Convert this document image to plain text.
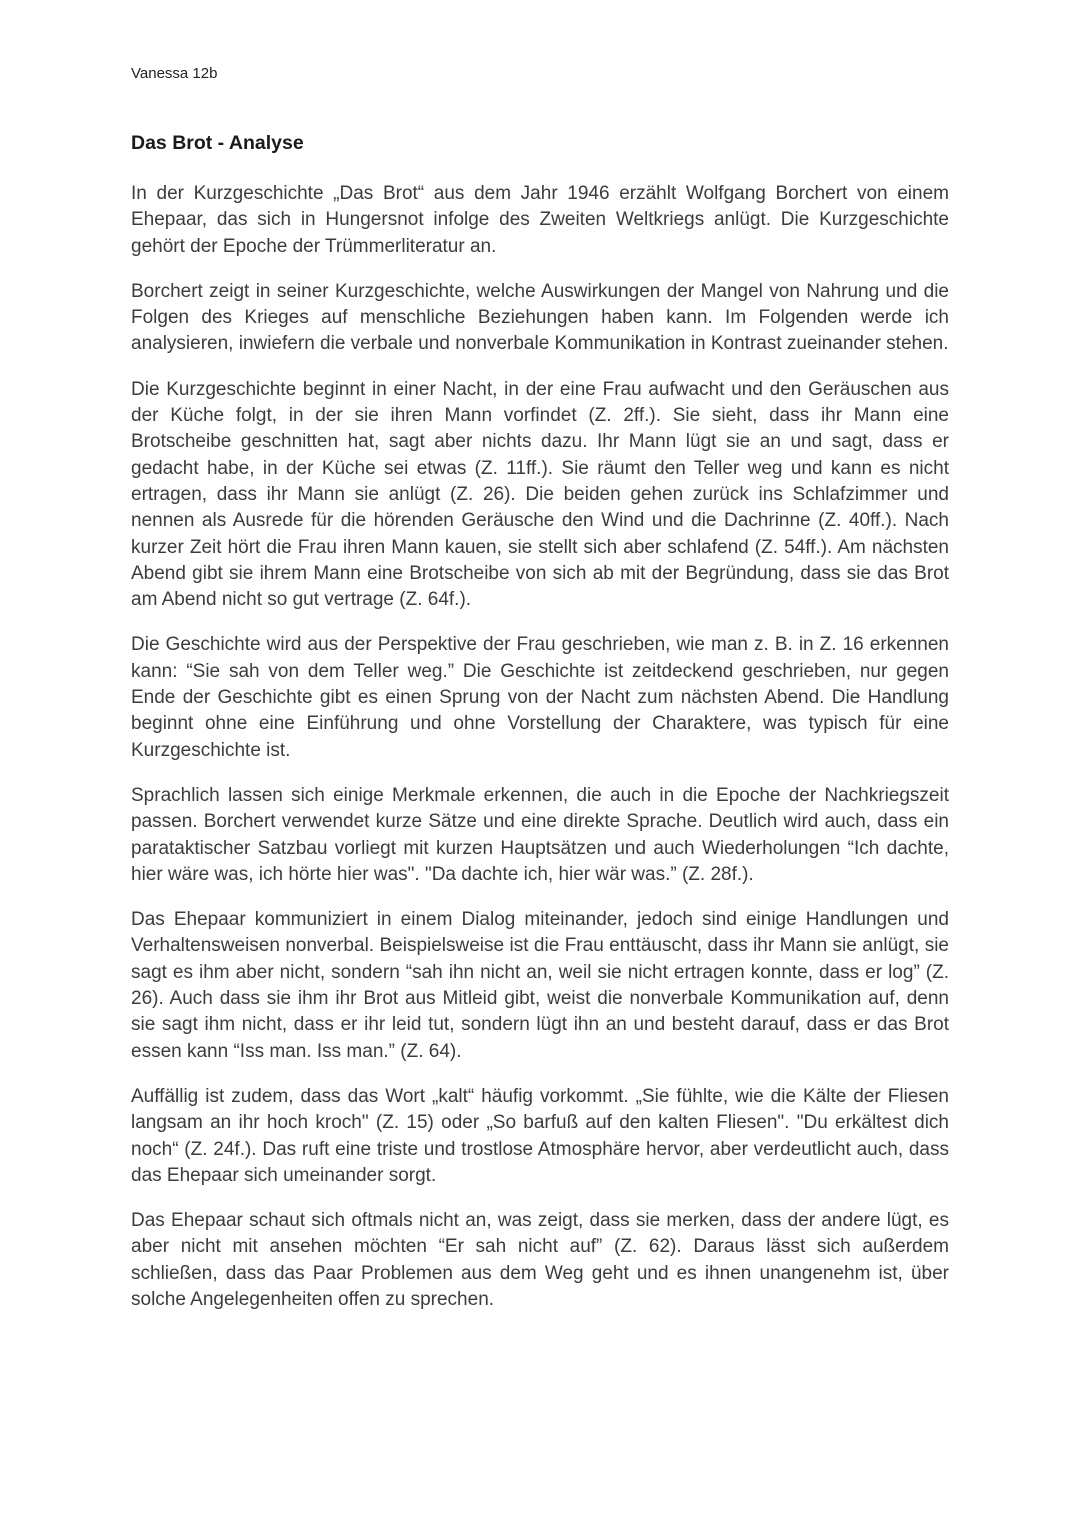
Vanessa 12b

Das Brot - Analyse

In der Kurzgeschichte „Das Brot“ aus dem Jahr 1946 erzählt Wolfgang Borchert von einem Ehepaar, das sich in Hungersnot infolge des Zweiten Weltkriegs anlügt. Die Kurzgeschichte gehört der Epoche der Trümmerliteratur an.

Borchert zeigt in seiner Kurzgeschichte, welche Auswirkungen der Mangel von Nahrung und die Folgen des Krieges auf menschliche Beziehungen haben kann. Im Folgenden werde ich analysieren, inwiefern die verbale und nonverbale Kommunikation in Kontrast zueinander stehen.

Die Kurzgeschichte beginnt in einer Nacht, in der eine Frau aufwacht und den Geräuschen aus der Küche folgt, in der sie ihren Mann vorfindet (Z. 2ff.). Sie sieht, dass ihr Mann eine Brotscheibe geschnitten hat, sagt aber nichts dazu. Ihr Mann lügt sie an und sagt, dass er gedacht habe, in der Küche sei etwas (Z. 11ff.). Sie räumt den Teller weg und kann es nicht ertragen, dass ihr Mann sie anlügt (Z. 26). Die beiden gehen zurück ins Schlafzimmer und nennen als Ausrede für die hörenden Geräusche den Wind und die Dachrinne (Z. 40ff.). Nach kurzer Zeit hört die Frau ihren Mann kauen, sie stellt sich aber schlafend (Z. 54ff.). Am nächsten Abend gibt sie ihrem Mann eine Brotscheibe von sich ab mit der Begründung, dass sie das Brot am Abend nicht so gut vertrage (Z. 64f.).

Die Geschichte wird aus der Perspektive der Frau geschrieben, wie man z. B. in Z. 16 erkennen kann: “Sie sah von dem Teller weg.” Die Geschichte ist zeitdeckend geschrieben, nur gegen Ende der Geschichte gibt es einen Sprung von der Nacht zum nächsten Abend. Die Handlung beginnt ohne eine Einführung und ohne Vorstellung der Charaktere, was typisch für eine Kurzgeschichte ist.

Sprachlich lassen sich einige Merkmale erkennen, die auch in die Epoche der Nachkriegszeit passen. Borchert verwendet kurze Sätze und eine direkte Sprache. Deutlich wird auch, dass ein parataktischer Satzbau vorliegt mit kurzen Hauptsätzen und auch Wiederholungen “Ich dachte, hier wäre was, ich hörte hier was". "Da dachte ich, hier wär was.” (Z. 28f.).

Das Ehepaar kommuniziert in einem Dialog miteinander, jedoch sind einige Handlungen und Verhaltensweisen nonverbal. Beispielsweise ist die Frau enttäuscht, dass ihr Mann sie anlügt, sie sagt es ihm aber nicht, sondern “sah ihn nicht an, weil sie nicht ertragen konnte, dass er log” (Z. 26). Auch dass sie ihm ihr Brot aus Mitleid gibt, weist die nonverbale Kommunikation auf, denn sie sagt ihm nicht, dass er ihr leid tut, sondern lügt ihn an und besteht darauf, dass er das Brot essen kann “Iss man. Iss man.” (Z. 64).

Auffällig ist zudem, dass das Wort „kalt“ häufig vorkommt. „Sie fühlte, wie die Kälte der Fliesen langsam an ihr hoch kroch" (Z. 15) oder „So barfuß auf den kalten Fliesen". "Du erkältest dich noch“ (Z. 24f.). Das ruft eine triste und trostlose Atmosphäre hervor, aber verdeutlicht auch, dass das Ehepaar sich umeinander sorgt.

Das Ehepaar schaut sich oftmals nicht an, was zeigt, dass sie merken, dass der andere lügt, es aber nicht mit ansehen möchten “Er sah nicht auf” (Z. 62). Daraus lässt sich außerdem schließen, dass das Paar Problemen aus dem Weg geht und es ihnen unangenehm ist, über solche Angelegenheiten offen zu sprechen.
